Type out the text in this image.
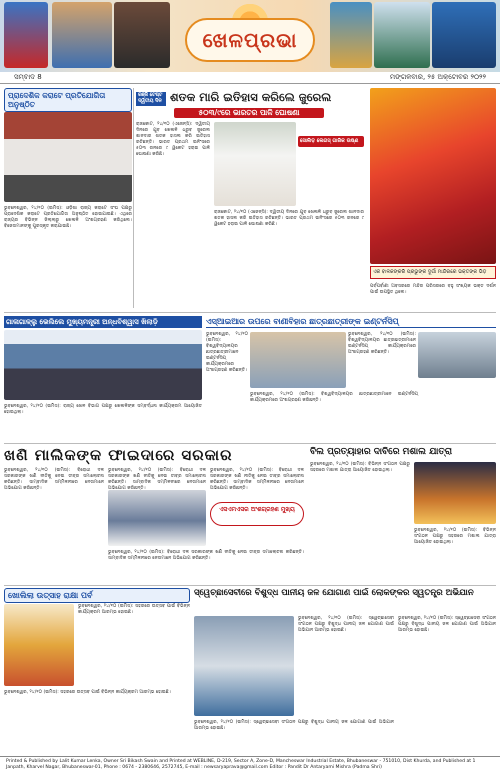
ଖେଳପ୍ରଭା
ସମ୍ବାଦ 8	ମଙ୍ଗଳବାର, ୨୫ ଅକ୍ଟୋବର ୨୦୨୨
ପ୍ରାଦେଶିକ କରାଟେ ପ୍ରତିଯୋଗିତା ଅନୁଷ୍ଠିତ
ଭୁବନେଶ୍ୱର, ୨୪/୧୦ (ଇମିସ): ଓଡ଼ିଶା ରାଜ୍ୟ କରାଟେ ସଂଘ ପକ୍ଷରୁ ପ୍ରାଦେଶିକ କରାଟେ ପ୍ରତିଯୋଗିତା ଅନୁଷ୍ଠିତ ହୋଇଯାଇଛି। ଏଥିରେ ରାଜ୍ୟର ବିଭିନ୍ନ ଜିଲ୍ଲାରୁ ଖେଳାଳି ଅଂଶଗ୍ରହଣ କରିଥିଲେ। ବିଜେତାମାନଙ୍କୁ ପୁରସ୍କୃତ କରାଯାଇଛି।
ରଞ୍ଜି ଟେଷ୍ଟ ଦ୍ୱିତୀୟ ଦିନ ଶତକ ମାରି ଇତିହାସ କରିଲେ ଜୁରେଲ
୫୦୩/୯ରେ ଭାରତର ପାଳି ଘୋଷଣା
ସୋଲିଡ଼ ଲେଗସ୍ ଗାରିକ ଉଷ୍ଣ
ରାଜକୋଟ, ୨୪/୧୦ (ଏଜେନ୍ସି): ଦ୍ୱିତୀୟ ଦିନରେ ଯୁବ ଖେଳାଳି ଧ୍ରୁବ ଜୁରେଲ ଶାନଦାର ଶତକ ହାସଲ କରି ଇତିହାସ ରଚିଛନ୍ତି। ଭାରତ ପ୍ରଥମ ଇନିଂସରେ ୫୦୩ ରନରେ ୯ ୱିକେଟ ହରାଇ ପାଳି ଘୋଷଣା କରିଛି।
ରାଜକୋଟ, ୨୪/୧୦ (ଏଜେନ୍ସି): ଦ୍ୱିତୀୟ ଦିନରେ ଯୁବ ଖେଳାଳି ଧ୍ରୁବ ଜୁରେଲ ଶାନଦାର ଶତକ ହାସଲ କରି ଇତିହାସ ରଚିଛନ୍ତି। ଭାରତ ପ୍ରଥମ ଇନିଂସରେ ୫୦୩ ରନରେ ୯ ୱିକେଟ ହରାଇ ପାଳି ଘୋଷଣା କରିଛି।
ଏକ ବାଳକଙ୍କରି ପ୍ରଭୁଙ୍କ ଦୁର୍ଗା ମାନ୍ଦିରରେ ଭକ୍ତଙ୍କ ଭିଡ଼
ପର୍ବପର୍ବାଣୀ ଅବସରରେ ମନ୍ଦିର ପରିସରରେ ବହୁ ସଂଖ୍ୟକ ଭକ୍ତ ଦର୍ଶନ ପାଇଁ ଉପସ୍ଥିତ ଥିଲେ।
ଗାଳାଗାଳ୍ଲୁ ଭେଲିଲେ ମୁଖ୍ୟମନ୍ତ୍ରୀ ଅନ୍ଧବିଶ୍ୱାସ ଖିଲାଡ଼ି
ଭୁବନେଶ୍ୱର, ୨୪/୧୦ (ଇମିସ): ରାଜ୍ୟ ଖେଳ ବିଭାଗ ପକ୍ଷରୁ ଖେଳାଳିଙ୍କ ସମ୍ବର୍ଦ୍ଧନା କାର୍ଯ୍ୟକ୍ରମ ଆୟୋଜିତ ହୋଇଥିଲା।
ଏସ୍‌ଆଇଆର ଉପରେ ବାଣୀବିହାର ଛାତ୍ରଛାତ୍ରୀଙ୍କ ଇଣ୍ଟର୍ନସିପ୍
ଭୁବନେଶ୍ୱର, ୨୪/୧୦ (ଇମିସ): ବିଶ୍ୱବିଦ୍ୟାଳୟର ଛାତ୍ରଛାତ୍ରୀମାନେ ଇଣ୍ଟର୍ନସିପ୍ କାର୍ଯ୍ୟକ୍ରମରେ ଅଂଶଗ୍ରହଣ କରିଛନ୍ତି।
ଭୁବନେଶ୍ୱର, ୨୪/୧୦ (ଇମିସ): ବିଶ୍ୱବିଦ୍ୟାଳୟର ଛାତ୍ରଛାତ୍ରୀମାନେ ଇଣ୍ଟର୍ନସିପ୍ କାର୍ଯ୍ୟକ୍ରମରେ ଅଂଶଗ୍ରହଣ କରିଛନ୍ତି।
ଭୁବନେଶ୍ୱର, ୨୪/୧୦ (ଇମିସ): ବିଶ୍ୱବିଦ୍ୟାଳୟର ଛାତ୍ରଛାତ୍ରୀମାନେ ଇଣ୍ଟର୍ନସିପ୍ କାର୍ଯ୍ୟକ୍ରମରେ ଅଂଶଗ୍ରହଣ କରିଛନ୍ତି।
ଖଣି ମାଲିକଙ୍କ ଫାଇଦାରେ ସରକାର
ଏସଏମଏସର ଅଂଶଗ୍ରହଣ ମୁଖ୍ୟ
ଭୁବନେଶ୍ୱର, ୨୪/୧୦ (ଇମିସ): ବିରୋଧୀ ଦଳ ସରକାରଙ୍କ ଖଣି ନୀତିକୁ ନେଇ ତୀବ୍ର ସମାଲୋଚନା କରିଛନ୍ତି। ସାମ୍ବାଦିକ ସମ୍ମିଳନୀରେ ନେତାମାନେ ଅଭିଯୋଗ କରିଛନ୍ତି।
ଭୁବନେଶ୍ୱର, ୨୪/୧୦ (ଇମିସ): ବିରୋଧୀ ଦଳ ସରକାରଙ୍କ ଖଣି ନୀତିକୁ ନେଇ ତୀବ୍ର ସମାଲୋଚନା କରିଛନ୍ତି। ସାମ୍ବାଦିକ ସମ୍ମିଳନୀରେ ନେତାମାନେ ଅଭିଯୋଗ କରିଛନ୍ତି।
ଭୁବନେଶ୍ୱର, ୨୪/୧୦ (ଇମିସ): ବିରୋଧୀ ଦଳ ସରକାରଙ୍କ ଖଣି ନୀତିକୁ ନେଇ ତୀବ୍ର ସମାଲୋଚନା କରିଛନ୍ତି। ସାମ୍ବାଦିକ ସମ୍ମିଳନୀରେ ନେତାମାନେ ଅଭିଯୋଗ କରିଛନ୍ତି।
ଭୁବନେଶ୍ୱର, ୨୪/୧୦ (ଇମିସ): ବିରୋଧୀ ଦଳ ସରକାରଙ୍କ ଖଣି ନୀତିକୁ ନେଇ ତୀବ୍ର ସମାଲୋଚନା କରିଛନ୍ତି। ସାମ୍ବାଦିକ ସମ୍ମିଳନୀରେ ନେତାମାନେ ଅଭିଯୋଗ କରିଛନ୍ତି।
ବିଲ ପ୍ରତ୍ୟାହାର ଦାବିରେ ମଶାଲ ଯାତ୍ରା
ଭୁବନେଶ୍ୱର, ୨୪/୧୦ (ଇମିସ): ବିଭିନ୍ନ ସଂଗଠନ ପକ୍ଷରୁ ସହରରେ ମଶାଲ ଯାତ୍ରା ଆୟୋଜିତ ହୋଇଥିଲା।
ଭୁବନେଶ୍ୱର, ୨୪/୧୦ (ଇମିସ): ବିଭିନ୍ନ ସଂଗଠନ ପକ୍ଷରୁ ସହରରେ ମଶାଲ ଯାତ୍ରା ଆୟୋଜିତ ହୋଇଥିଲା।
ଖୋଲିଲା ଉତ୍ସାହ ରାକ୍ଷା ପର୍ବ
ଭୁବନେଶ୍ୱର, ୨୪/୧୦ (ଇମିସ): ସହରରେ ଉତ୍ସବ ପାଇଁ ବିଭିନ୍ନ କାର୍ଯ୍ୟକ୍ରମ ଆରମ୍ଭ ହୋଇଛି।
ଭୁବନେଶ୍ୱର, ୨୪/୧୦ (ଇମିସ): ସହରରେ ଉତ୍ସବ ପାଇଁ ବିଭିନ୍ନ କାର୍ଯ୍ୟକ୍ରମ ଆରମ୍ଭ ହୋଇଛି।
ସ୍ୱେଚ୍ଛାସେବୀରେ ବିଶୁଦ୍ଧ ପାନୀୟ ଜଳ ଯୋଗାଣ ପାଇଁ ଲୋକଙ୍କର ସ୍ୱତନ୍ତ୍ର ଅଭିଯାନ
ଭୁବନେଶ୍ୱର, ୨୪/୧୦ (ଇମିସ): ସ୍ୱେଚ୍ଛାସେବୀ ସଂଗଠନ ପକ୍ଷରୁ ବିଶୁଦ୍ଧ ପାନୀୟ ଜଳ ଯୋଗାଣ ପାଇଁ ଅଭିଯାନ ଆରମ୍ଭ ହୋଇଛି।
ଭୁବନେଶ୍ୱର, ୨୪/୧୦ (ଇମିସ): ସ୍ୱେଚ୍ଛାସେବୀ ସଂଗଠନ ପକ୍ଷରୁ ବିଶୁଦ୍ଧ ପାନୀୟ ଜଳ ଯୋଗାଣ ପାଇଁ ଅଭିଯାନ ଆରମ୍ଭ ହୋଇଛି।
ଭୁବନେଶ୍ୱର, ୨୪/୧୦ (ଇମିସ): ସ୍ୱେଚ୍ଛାସେବୀ ସଂଗଠନ ପକ୍ଷରୁ ବିଶୁଦ୍ଧ ପାନୀୟ ଜଳ ଯୋଗାଣ ପାଇଁ ଅଭିଯାନ ଆରମ୍ଭ ହୋଇଛି।
Printed & Published by Lalit Kumar Lenka, Owner Sri Bikash Swain and Printed at WEBLINE, D-219, Sector A, Zone-D, Mancheswar Industrial Estate, Bhubaneswar - 751010, Dist Khurda, and Published at 1 Janpath, Kharvel Nagar, Bhubaneswar-01, Phone : 0674 - 2380646, 2572745, E-mail : newsaryaprava@gmail.com Editor : Pandit Dr Antaryami Mishra (Padma Shri)
